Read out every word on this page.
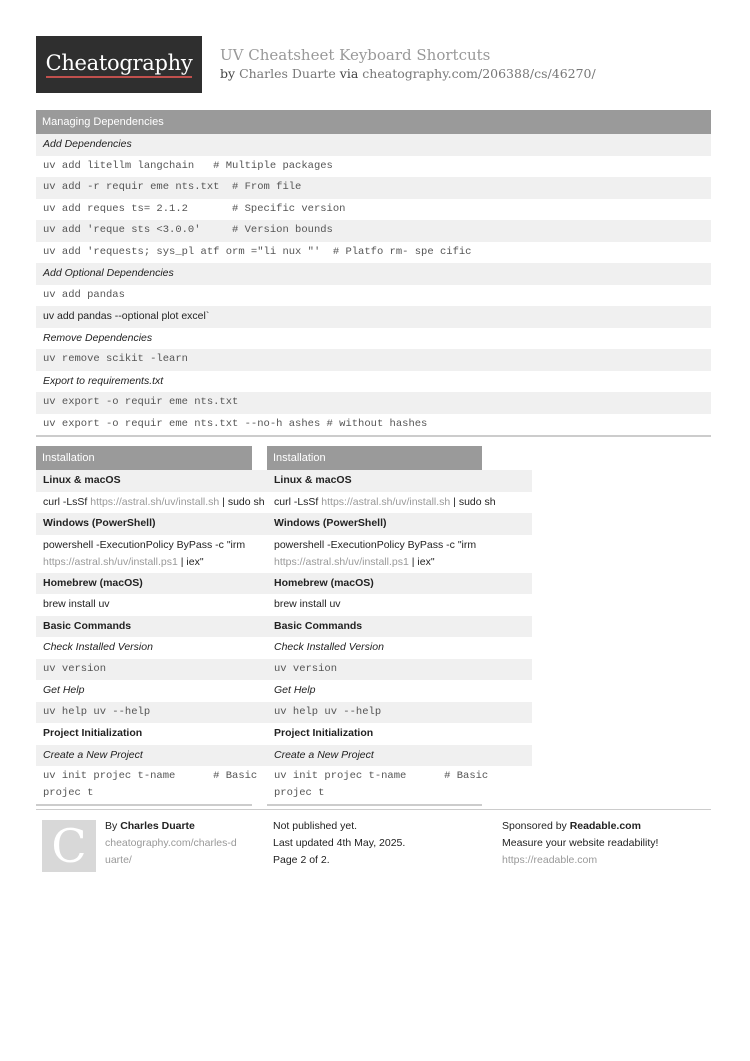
Cheatography UV Cheatsheet Keyboard Shortcuts
by Charles Duarte via cheatography.com/206388/cs/46270/
Managing Dependencies
Add Dependencies
uv add litellm langchain   # Multiple packages
uv add -r requir eme nts.txt  # From file
uv add reques ts= 2.1.2       # Specific version
uv add 'reque sts <3.0.0'     # Version bounds
uv add 'requests; sys_pl atf orm ="li nux "'  # Platfo rm- spe cific
Add Optional Dependencies
uv add pandas
uv add pandas --optional plot excel`
Remove Dependencies
uv remove scikit -learn
Export to requirements.txt
uv export -o requir eme nts.txt
uv export -o requir eme nts.txt --no-h ashes # without hashes
Installation
Linux & macOS
curl -LsSf https://astral.sh/uv/install.sh | sudo sh
Windows (PowerShell)
powershell -ExecutionPolicy ByPass -c "irm https://astral.sh/uv/install.ps1 | iex"
Homebrew (macOS)
brew install uv
Basic Commands
Check Installed Version
uv version
Get Help
uv help uv --help
Project Initialization
Create a New Project
uv init projec t-name      # Basic projec t
Installation
Linux & macOS
curl -LsSf https://astral.sh/uv/install.sh | sudo sh
Windows (PowerShell)
powershell -ExecutionPolicy ByPass -c "irm https://astral.sh/uv/install.ps1 | iex"
Homebrew (macOS)
brew install uv
Basic Commands
Check Installed Version
uv version
Get Help
uv help uv --help
Project Initialization
Create a New Project
uv init projec t-name      # Basic projec t
C	By Charles Duarte
cheatography.com/charles-duarte/
Not published yet.
Last updated 4th May, 2025.
Page 2 of 2.
Sponsored by Readable.com
Measure your website readability!
https://readable.com
